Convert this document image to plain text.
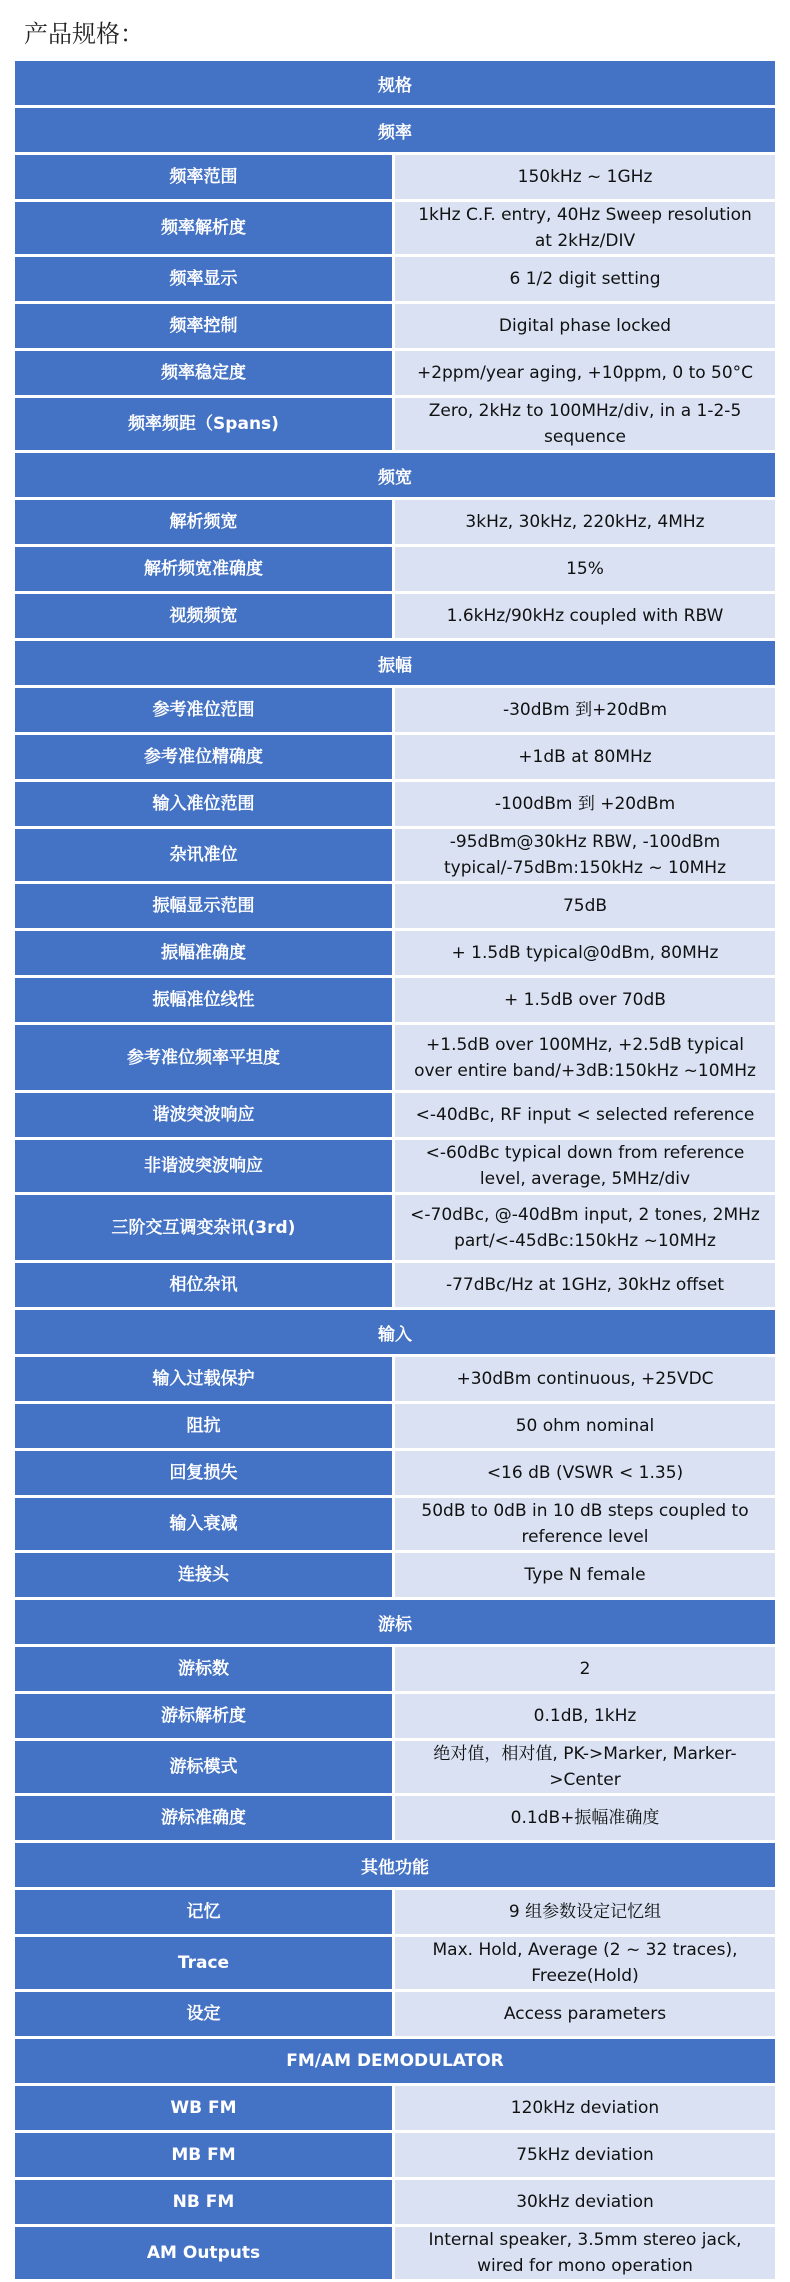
产品规格：
规格	
频率	
频率范围	150kHz ~ 1GHz
频率解析度	1kHz C.F. entry, 40Hz Sweep resolution at 2kHz/DIV
频率显示	6 1/2 digit setting
频率控制	Digital phase locked
频率稳定度	+2ppm/year aging, +10ppm, 0 to 50°C
频率频距（Spans)	Zero, 2kHz to 100MHz/div, in a 1-2-5 sequence
频宽	
解析频宽	3kHz, 30kHz, 220kHz, 4MHz
解析频宽准确度	15%
视频频宽	1.6kHz/90kHz coupled with RBW
振幅	
参考准位范围	-30dBm 到+20dBm
参考准位精确度	+1dB at 80MHz
输入准位范围	-100dBm 到 +20dBm
杂讯准位	-95dBm@30kHz RBW, -100dBm typical/-75dBm:150kHz ~ 10MHz
振幅显示范围	75dB
振幅准确度	+ 1.5dB typical@0dBm, 80MHz
振幅准位线性	+ 1.5dB over 70dB
参考准位频率平坦度	+1.5dB over 100MHz, +2.5dB typical over entire band/+3dB:150kHz ~10MHz
谐波突波响应	<-40dBc, RF input < selected reference
非谐波突波响应	<-60dBc typical down from reference level, average, 5MHz/div
三阶交互调变杂讯(3rd)	<-70dBc, @-40dBm input, 2 tones, 2MHz part/<-45dBc:150kHz ~10MHz
相位杂讯	-77dBc/Hz at 1GHz, 30kHz offset
输入	
输入过载保护	+30dBm continuous, +25VDC
阻抗	50 ohm nominal
回复损失	<16 dB (VSWR < 1.35)
输入衰减	50dB to 0dB in 10 dB steps coupled to reference level
连接头	Type N female
游标	
游标数	2
游标解析度	0.1dB, 1kHz
游标模式	绝对值，相对值, PK->Marker, Marker->Center
游标准确度	0.1dB+振幅准确度
其他功能	
记忆	9 组参数设定记忆组
Trace	Max. Hold, Average (2 ~ 32 traces), Freeze(Hold)
设定	Access parameters
FM/AM DEMODULATOR	
WB FM	120kHz deviation
MB FM	75kHz deviation
NB FM	30kHz deviation
AM Outputs	Internal speaker, 3.5mm stereo jack, wired for mono operation
